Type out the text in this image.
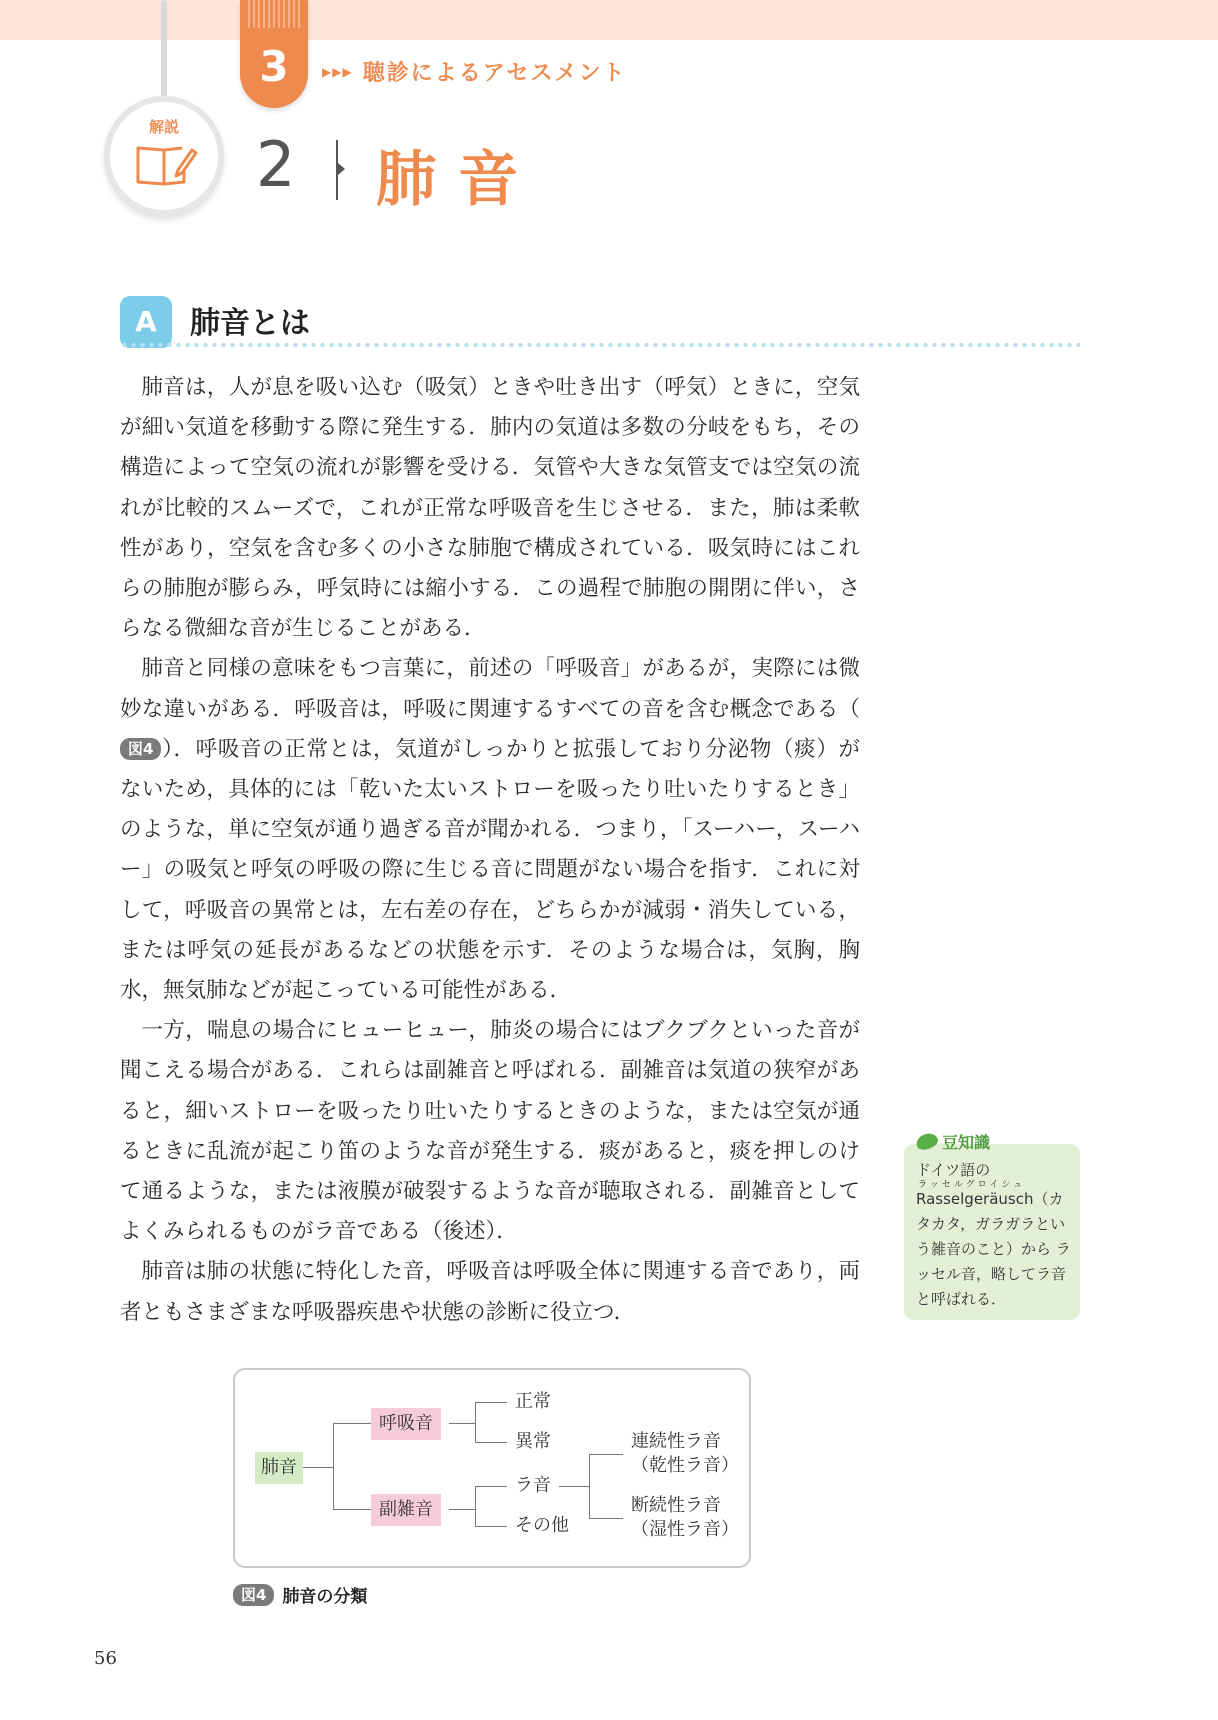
3	▶▶▶ 聴診によるアセスメント
解説
2 肺音
A	肺音とは

肺音は，人が息を吸い込む（吸気）ときや吐き出す（呼気）ときに，空気が細い気道を移動する際に発生する．肺内の気道は多数の分岐をもち，その構造によって空気の流れが影響を受ける．気管や大きな気管支では空気の流れが比較的スムーズで，これが正常な呼吸音を生じさせる．また，肺は柔軟性があり，空気を含む多くの小さな肺胞で構成されている．吸気時にはこれらの肺胞が膨らみ，呼気時には縮小する．この過程で肺胞の開閉に伴い，さらなる微細な音が生じることがある．

肺音と同様の意味をもつ言葉に，前述の「呼吸音」があるが，実際には微妙な違いがある．呼吸音は，呼吸に関連するすべての音を含む概念である（図4 ）．呼吸音の正常とは，気道がしっかりと拡張しており分泌物（痰）がないため，具体的には「乾いた太いストローを吸ったり吐いたりするとき」のような，単に空気が通り過ぎる音が聞かれる．つまり，「スーハー，スーハー」の吸気と呼気の呼吸の際に生じる音に問題がない場合を指す．これに対して，呼吸音の異常とは，左右差の存在，どちらかが減弱・消失している，または呼気の延長があるなどの状態を示す．そのような場合は，気胸，胸水，無気肺などが起こっている可能性がある．

一方，喘息の場合にヒューヒュー，肺炎の場合にはブクブクといった音が聞こえる場合がある．これらは副雑音と呼ばれる．副雑音は気道の狭窄があると，細いストローを吸ったり吐いたりするときのような，または空気が通るときに乱流が起こり笛のような音が発生する．痰があると，痰を押しのけて通るような，または液膜が破裂するような音が聴取される．副雑音としてよくみられるものがラ音である（後述）．

肺音は肺の状態に特化した音，呼吸音は呼吸全体に関連する音であり，両者ともさまざまな呼吸器疾患や状態の診断に役立つ．

豆知識
ラッセルグロイシュ
ドイツ語の

Rasselgeräusch（カタカタ，ガラガラという雑音のこと）から ラッセル音，略してラ音と呼ばれる．
肺音
呼吸音
副雑音
正常
異常
ラ音
その他
連続性ラ音
（乾性ラ音）
断続性ラ音
（湿性ラ音）
図4 肺音の分類
56
